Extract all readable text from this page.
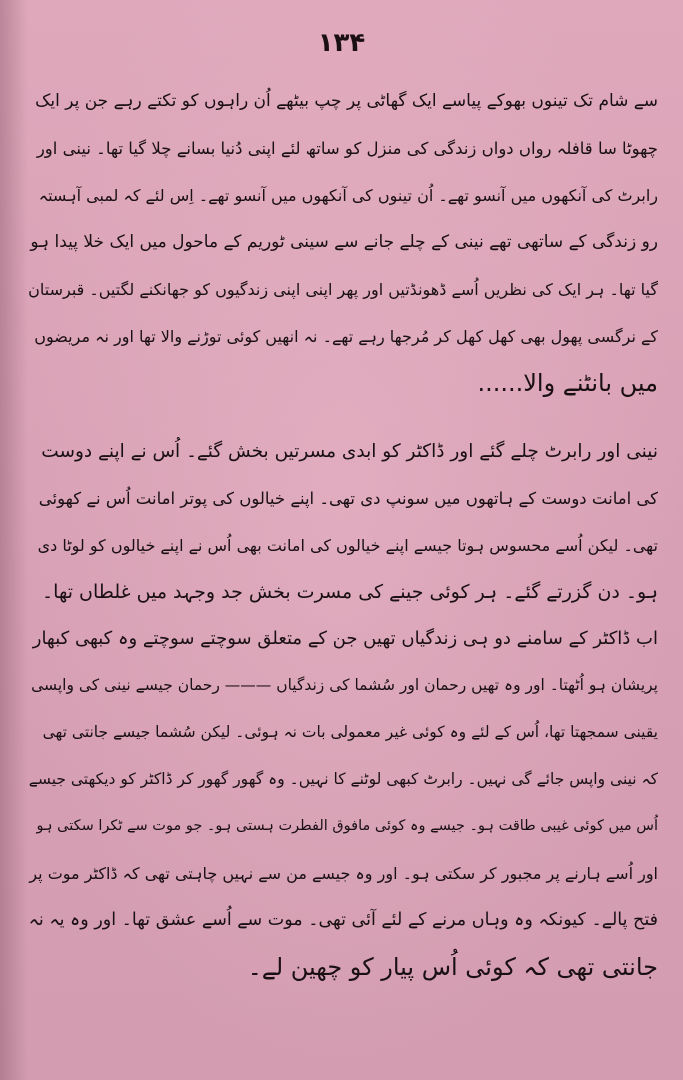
۱۳۴
سے شام تک تینوں بھوکے پیاسے ایک گھاٹی پر چپ بیٹھے اُن راہوں کو تکتے رہے جن پر ایک
چھوٹا سا قافلہ رواں دواں زندگی کی منزل کو ساتھ لئے اپنی دُنیا بسانے چلا گیا تھا۔ نینی اور
رابرٹ کی آنکھوں میں آنسو تھے۔ اُن تینوں کی آنکھوں میں آنسو تھے۔ اِس لئے کہ لمبی آہستہ
رو زندگی کے ساتھی تھے نینی کے چلے جانے سے سینی ٹوریم کے ماحول میں ایک خلا پیدا ہو
گیا تھا۔ ہر ایک کی نظریں اُسے ڈھونڈتیں اور پھر اپنی اپنی زندگیوں کو جھانکنے لگتیں۔ قبرستان
کے نرگسی پھول بھی کھل کھل کر مُرجھا رہے تھے۔ نہ انھیں کوئی توڑنے والا تھا اور نہ مریضوں
میں بانٹنے والا......
نینی اور رابرٹ چلے گئے اور ڈاکٹر کو ابدی مسرتیں بخش گئے۔ اُس نے اپنے دوست
کی امانت دوست کے ہاتھوں میں سونپ دی تھی۔ اپنے خیالوں کی پوتر امانت اُس نے کھوئی
تھی۔ لیکن اُسے محسوس ہوتا جیسے اپنے خیالوں کی امانت بھی اُس نے اپنے خیالوں کو لوٹا دی
ہو۔ دن گزرتے گئے۔ ہر کوئی جینے کی مسرت بخش جد وجہد میں غلطاں تھا۔
اب ڈاکٹر کے سامنے دو ہی زندگیاں تھیں جن کے متعلق سوچتے سوچتے وہ کبھی کبھار
پریشان ہو اُٹھتا۔ اور وہ تھیں رحمان اور سُشما کی زندگیاں ——— رحمان جیسے نینی کی واپسی
یقینی سمجھتا تھا، اُس کے لئے وہ کوئی غیر معمولی بات نہ ہوئی۔ لیکن سُشما جیسے جانتی تھی
کہ نینی واپس جائے گی نہیں۔ رابرٹ کبھی لوٹنے کا نہیں۔ وہ گھور گھور کر ڈاکٹر کو دیکھتی جیسے
اُس میں کوئی غیبی طاقت ہو۔ جیسے وہ کوئی مافوق الفطرت ہستی ہو۔ جو موت سے ٹکرا سکتی ہو
اور اُسے ہارنے پر مجبور کر سکتی ہو۔ اور وہ جیسے من سے نہیں چاہتی تھی کہ ڈاکٹر موت پر
فتح پالے۔ کیونکہ وہ وہاں مرنے کے لئے آئی تھی۔ موت سے اُسے عشق تھا۔ اور وہ یہ نہ
جانتی تھی کہ کوئی اُس پیار کو چھین لے۔
